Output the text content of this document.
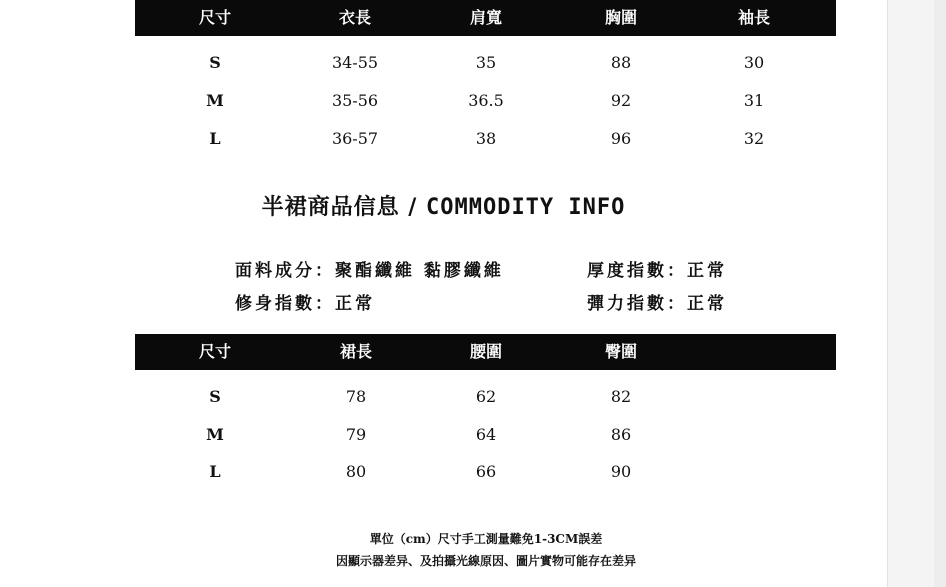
尺寸	衣長	肩寬	胸圍	袖長
S	34-55	35	88	30
M	35-56	36.5	92	31
L	36-57	38	96	32
半裙商品信息 / COMMODITY INFO
面料成分：聚酯纖維 黏膠纖維	厚度指數：正常
修身指數：正常	彈力指數：正常
尺寸	裙長	腰圍	臀圍
S	78	62	82
M	79	64	86
L	80	66	90
單位（cm）尺寸手工測量難免1-3CM誤差
因顯示器差异、及拍攝光線原因、圖片實物可能存在差异
